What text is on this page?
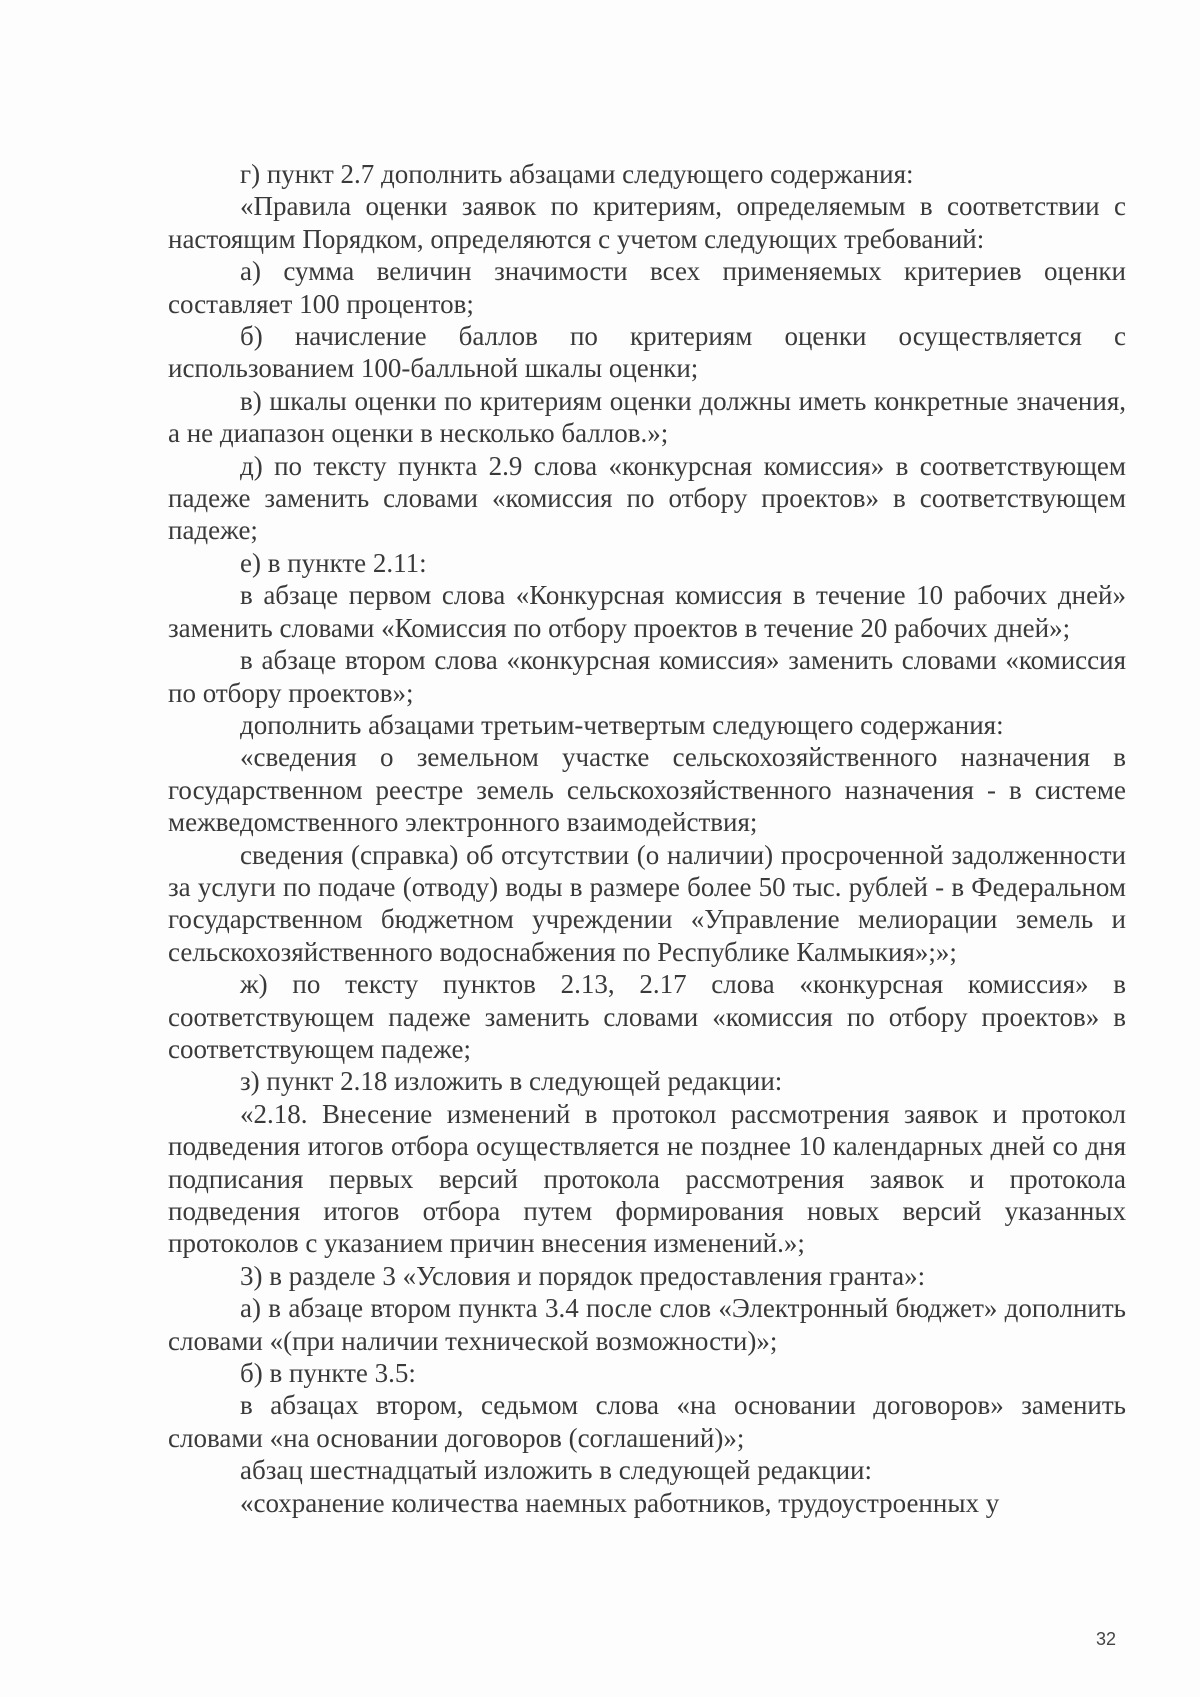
г) пункт 2.7 дополнить абзацами следующего содержания:

«Правила оценки заявок по критериям, определяемым в соответствии с настоящим Порядком, определяются с учетом следующих требований:

а) сумма величин значимости всех применяемых критериев оценки составляет 100 процентов;

б) начисление баллов по критериям оценки осуществляется с использованием 100-балльной шкалы оценки;

в) шкалы оценки по критериям оценки должны иметь конкретные значения, а не диапазон оценки в несколько баллов.»;

д) по тексту пункта 2.9 слова «конкурсная комиссия» в соответствующем падеже заменить словами «комиссия по отбору проектов» в соответствующем падеже;

е) в пункте 2.11:

в абзаце первом слова «Конкурсная комиссия в течение 10 рабочих дней» заменить словами «Комиссия по отбору проектов в течение 20 рабочих дней»;

в абзаце втором слова «конкурсная комиссия» заменить словами «комиссия по отбору проектов»;

дополнить абзацами третьим-четвертым следующего содержания:

«сведения о земельном участке сельскохозяйственного назначения в государственном реестре земель сельскохозяйственного назначения - в системе межведомственного электронного взаимодействия;

сведения (справка) об отсутствии (о наличии) просроченной задолженности за услуги по подаче (отводу) воды в размере более 50 тыс. рублей - в Федеральном государственном бюджетном учреждении «Управление мелиорации земель и сельскохозяйственного водоснабжения по Республике Калмыкия»;»;

ж) по тексту пунктов 2.13, 2.17 слова «конкурсная комиссия» в соответствующем падеже заменить словами «комиссия по отбору проектов» в соответствующем падеже;

з) пункт 2.18 изложить в следующей редакции:

«2.18. Внесение изменений в протокол рассмотрения заявок и протокол подведения итогов отбора осуществляется не позднее 10 календарных дней со дня подписания первых версий протокола рассмотрения заявок и протокола подведения итогов отбора путем формирования новых версий указанных протоколов с указанием причин внесения изменений.»;

3) в разделе 3 «Условия и порядок предоставления гранта»:

а) в абзаце втором пункта 3.4 после слов «Электронный бюджет» дополнить словами «(при наличии технической возможности)»;

б) в пункте 3.5:

в абзацах втором, седьмом слова «на основании договоров» заменить словами «на основании договоров (соглашений)»;

абзац шестнадцатый изложить в следующей редакции:

«сохранение количества наемных работников, трудоустроенных у

32
